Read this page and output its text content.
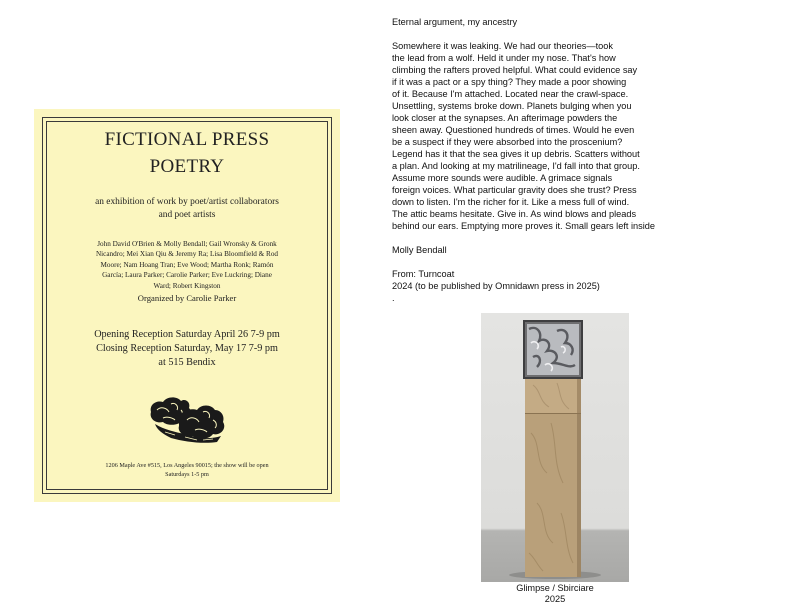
FICTIONAL PRESS
POETRY
an exhibition of work by poet/artist collaborators
and poet artists
John David O'Brien & Molly Bendall; Gail Wronsky & Gronk
Nicandro; Mei Xian Qiu & Jeremy Ra; Lisa Bloomfield & Rod
Moore; Nam Hoang Tran; Eve Wood; Martha Ronk; Ramón
García; Laura Parker; Carolie Parker; Eve Luckring; Diane
Ward; Robert Kingston
Organized by Carolie Parker
Opening Reception Saturday April 26 7-9 pm
Closing Reception Saturday, May 17 7-9 pm
at 515 Bendix
1206 Maple Ave #515, Los Angeles 90015; the show will be open
Saturdays 1-5 pm
Eternal argument, my ancestry
Somewhere it was leaking. We had our theories—took
the lead from a wolf. Held it under my nose. That's how
climbing the rafters proved helpful. What could evidence say
if it was a pact or a spy thing? They made a poor showing
of it. Because I'm attached. Located near the crawl-space.
Unsettling, systems broke down. Planets bulging when you
look closer at the synapses. An afterimage powders the
sheen away. Questioned hundreds of times. Would he even
be a suspect if they were absorbed into the proscenium?
Legend has it that the sea gives it up debris. Scatters without
a plan. And looking at my matrilineage, I'd fall into that group.
Assume more sounds were audible. A grimace signals
foreign voices. What particular gravity does she trust? Press
down to listen. I'm the richer for it. Like a mess full of wind.
The attic beams hesitate. Give in. As wind blows and pleads
behind our ears. Emptying more proves it. Small gears left inside
Molly Bendall
From: Turncoat
2024 (to be published by Omnidawn press in 2025)
.
Glimpse / Sbirciare
2025
